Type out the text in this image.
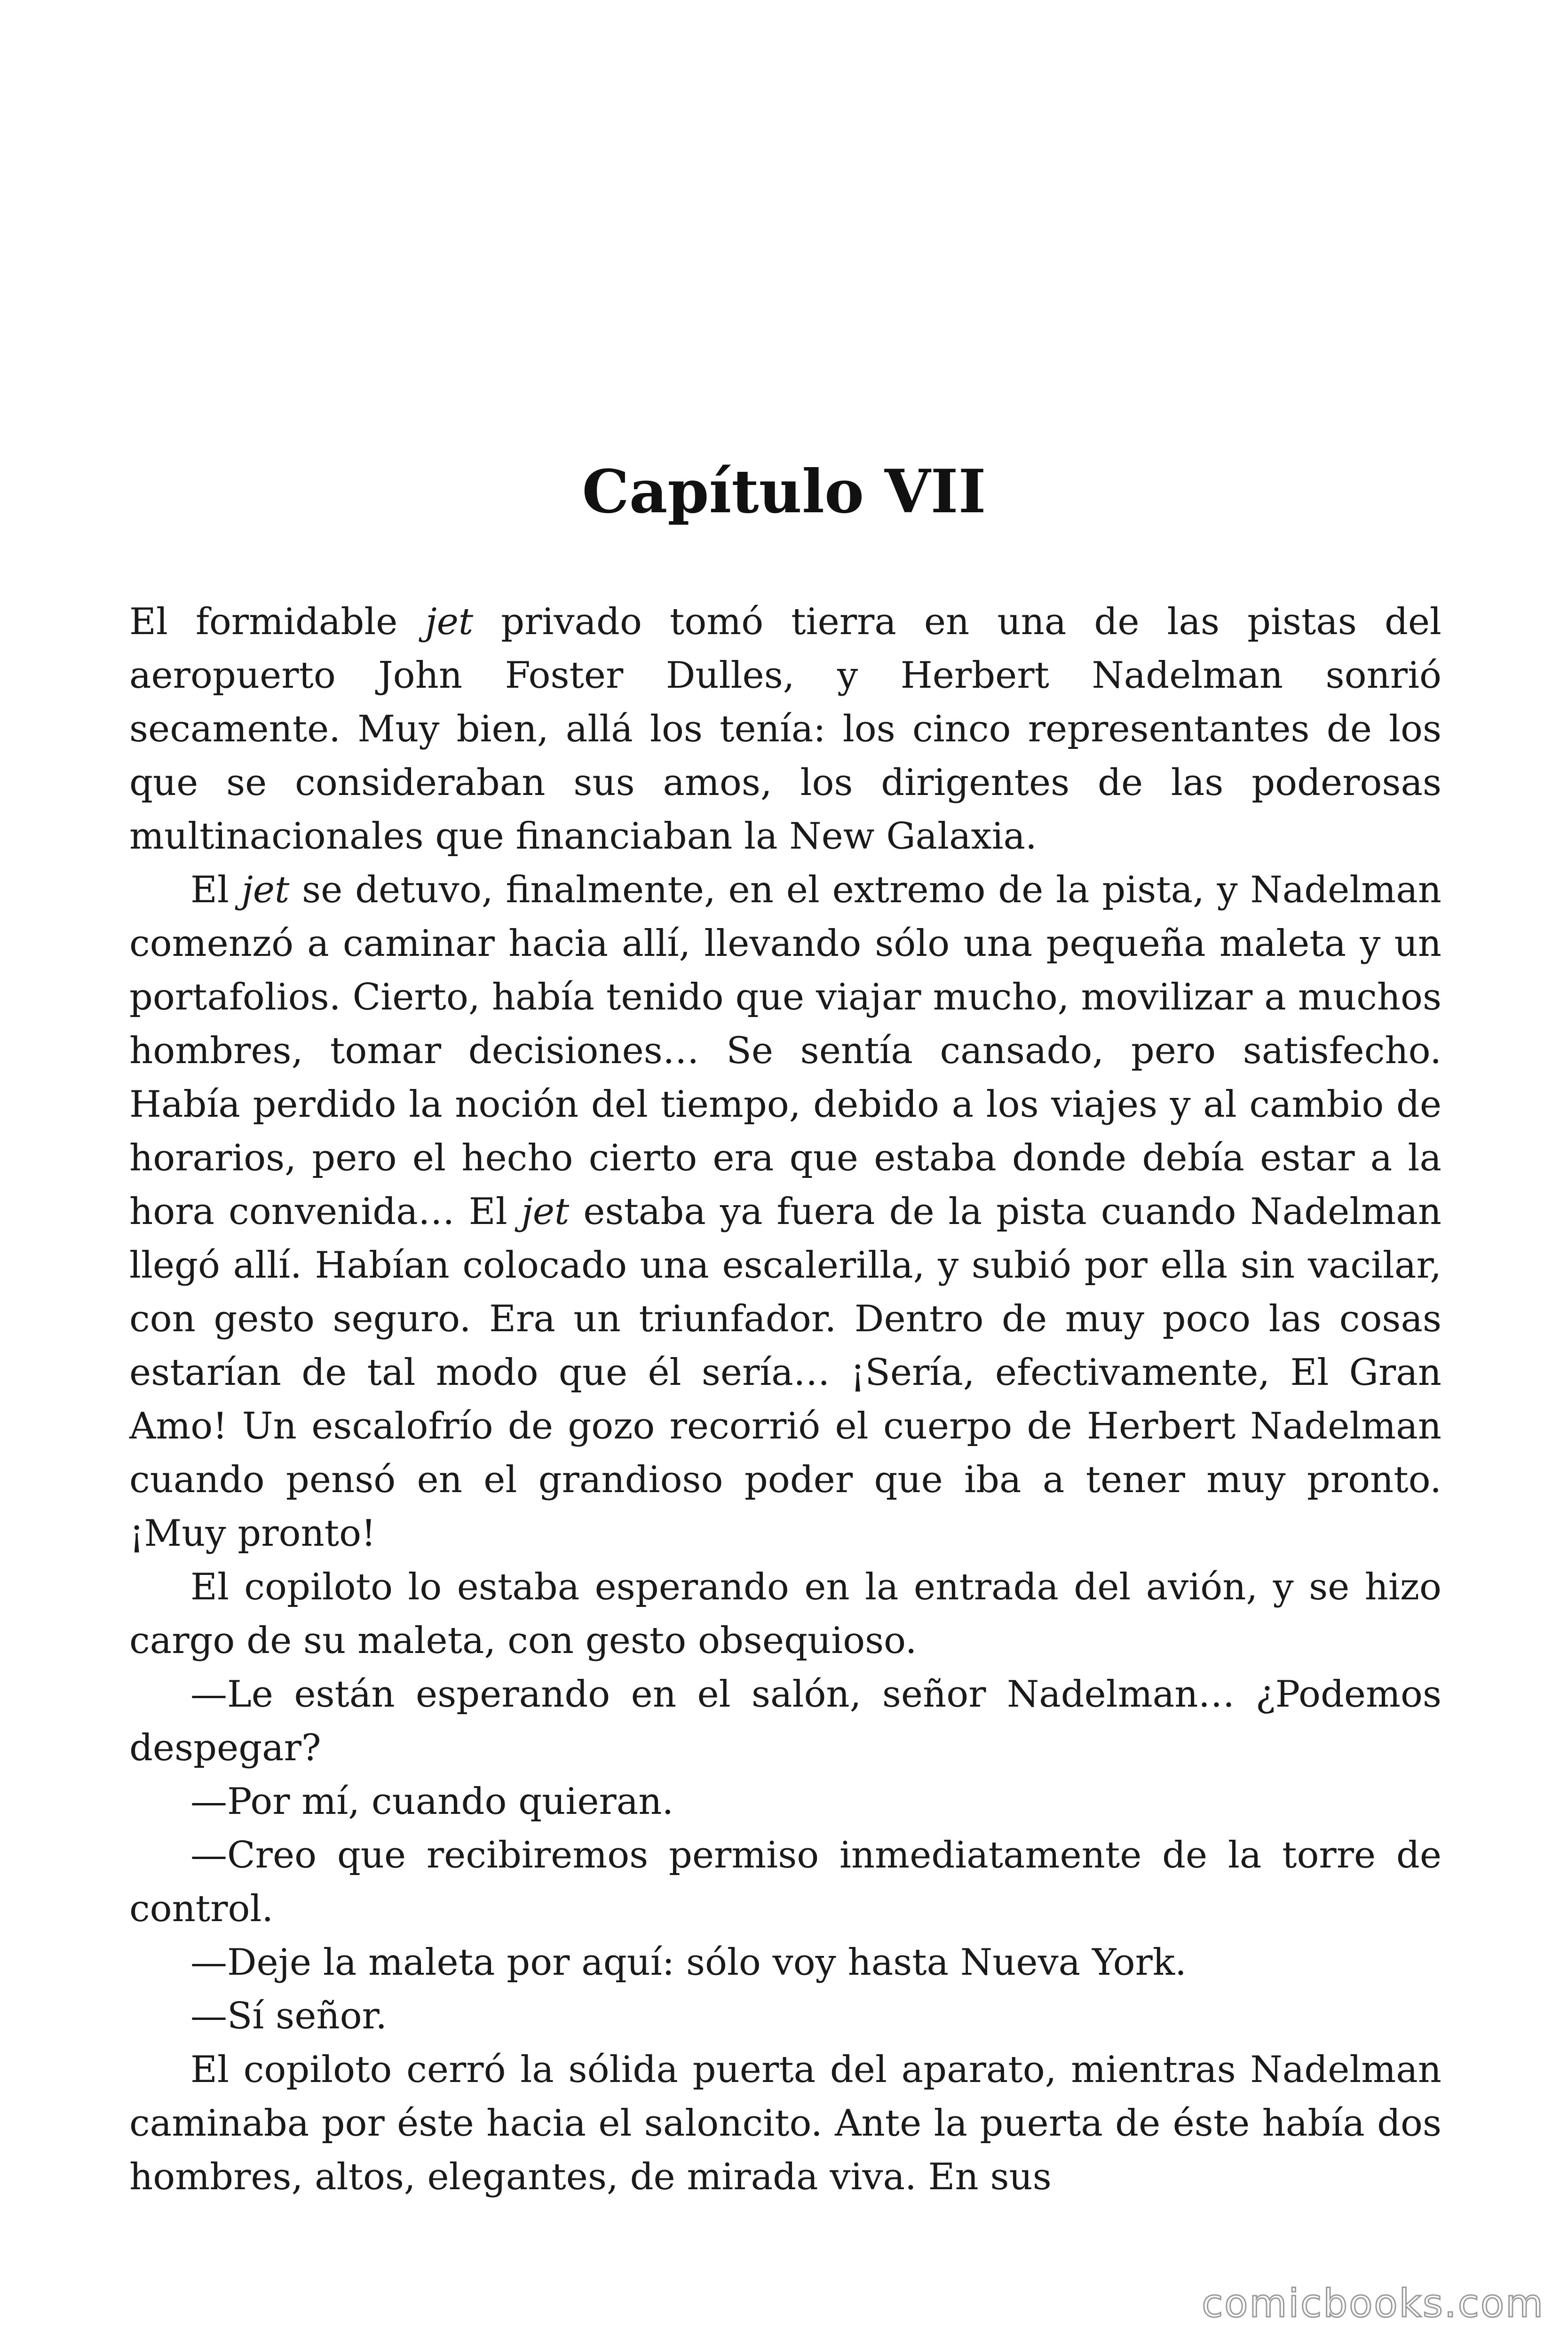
Capítulo VII

El formidable jet privado tomó tierra en una de las pistas del aeropuerto John Foster Dulles, y Herbert Nadelman sonrió secamente. Muy bien, allá los tenía: los cinco representantes de los que se consideraban sus amos, los dirigentes de las poderosas multinacionales que financiaban la New Galaxia.

El jet se detuvo, finalmente, en el extremo de la pista, y Nadelman comenzó a caminar hacia allí, llevando sólo una pequeña maleta y un portafolios. Cierto, había tenido que viajar mucho, movilizar a muchos hombres, tomar decisiones… Se sentía cansado, pero satisfecho. Había perdido la noción del tiempo, debido a los viajes y al cambio de horarios, pero el hecho cierto era que estaba donde debía estar a la hora convenida… El jet estaba ya fuera de la pista cuando Nadelman llegó allí. Habían colocado una escalerilla, y subió por ella sin vacilar, con gesto seguro. Era un triunfador. Dentro de muy poco las cosas estarían de tal modo que él sería… ¡Sería, efectivamente, El Gran Amo! Un escalofrío de gozo recorrió el cuerpo de Herbert Nadelman cuando pensó en el grandioso poder que iba a tener muy pronto. ¡Muy pronto!

El copiloto lo estaba esperando en la entrada del avión, y se hizo cargo de su maleta, con gesto obsequioso.

—Le están esperando en el salón, señor Nadelman… ¿Podemos despegar?

—Por mí, cuando quieran.

—Creo que recibiremos permiso inmediatamente de la torre de control.

—Deje la maleta por aquí: sólo voy hasta Nueva York.

—Sí señor.

El copiloto cerró la sólida puerta del aparato, mientras Nadelman caminaba por éste hacia el saloncito. Ante la puerta de éste había dos hombres, altos, elegantes, de mirada viva. En sus

comicbooks.com
